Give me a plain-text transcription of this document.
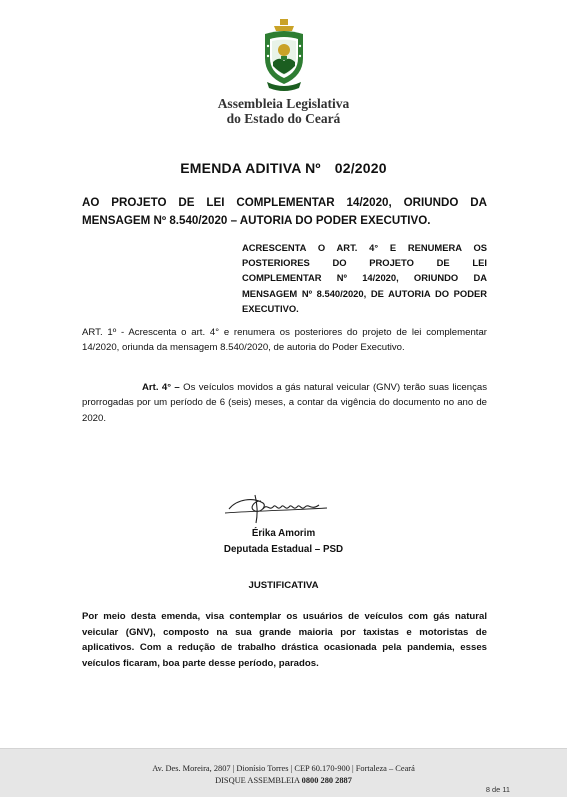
Assembleia Legislativa
do Estado do Ceará
EMENDA ADITIVA Nº 02/2020
AO PROJETO DE LEI COMPLEMENTAR 14/2020, ORIUNDO DA MENSAGEM Nº 8.540/2020 – AUTORIA DO PODER EXECUTIVO.
ACRESCENTA O ART. 4° E RENUMERA OS POSTERIORES DO PROJETO DE LEI COMPLEMENTAR Nº 14/2020, ORIUNDO DA MENSAGEM Nº 8.540/2020, DE AUTORIA DO PODER EXECUTIVO.
ART. 1º - Acrescenta o art. 4° e renumera os posteriores do projeto de lei complementar 14/2020, oriunda da mensagem 8.540/2020, de autoria do Poder Executivo.
Art. 4° – Os veículos movidos a gás natural veicular (GNV) terão suas licenças prorrogadas por um período de 6 (seis) meses, a contar da vigência do documento no ano de 2020.
Érika Amorim
Deputada Estadual – PSD
JUSTIFICATIVA
Por meio desta emenda, visa contemplar os usuários de veículos com gás natural veicular (GNV), composto na sua grande maioria por taxistas e motoristas de aplicativos. Com a redução de trabalho drástica ocasionada pela pandemia, esses veículos ficaram, boa parte desse período, parados.
Av. Des. Moreira, 2807 | Dionísio Torres | CEP 60.170-900 | Fortaleza – Ceará
DISQUE ASSEMBLEIA 0800 280 2887
8 de 11
